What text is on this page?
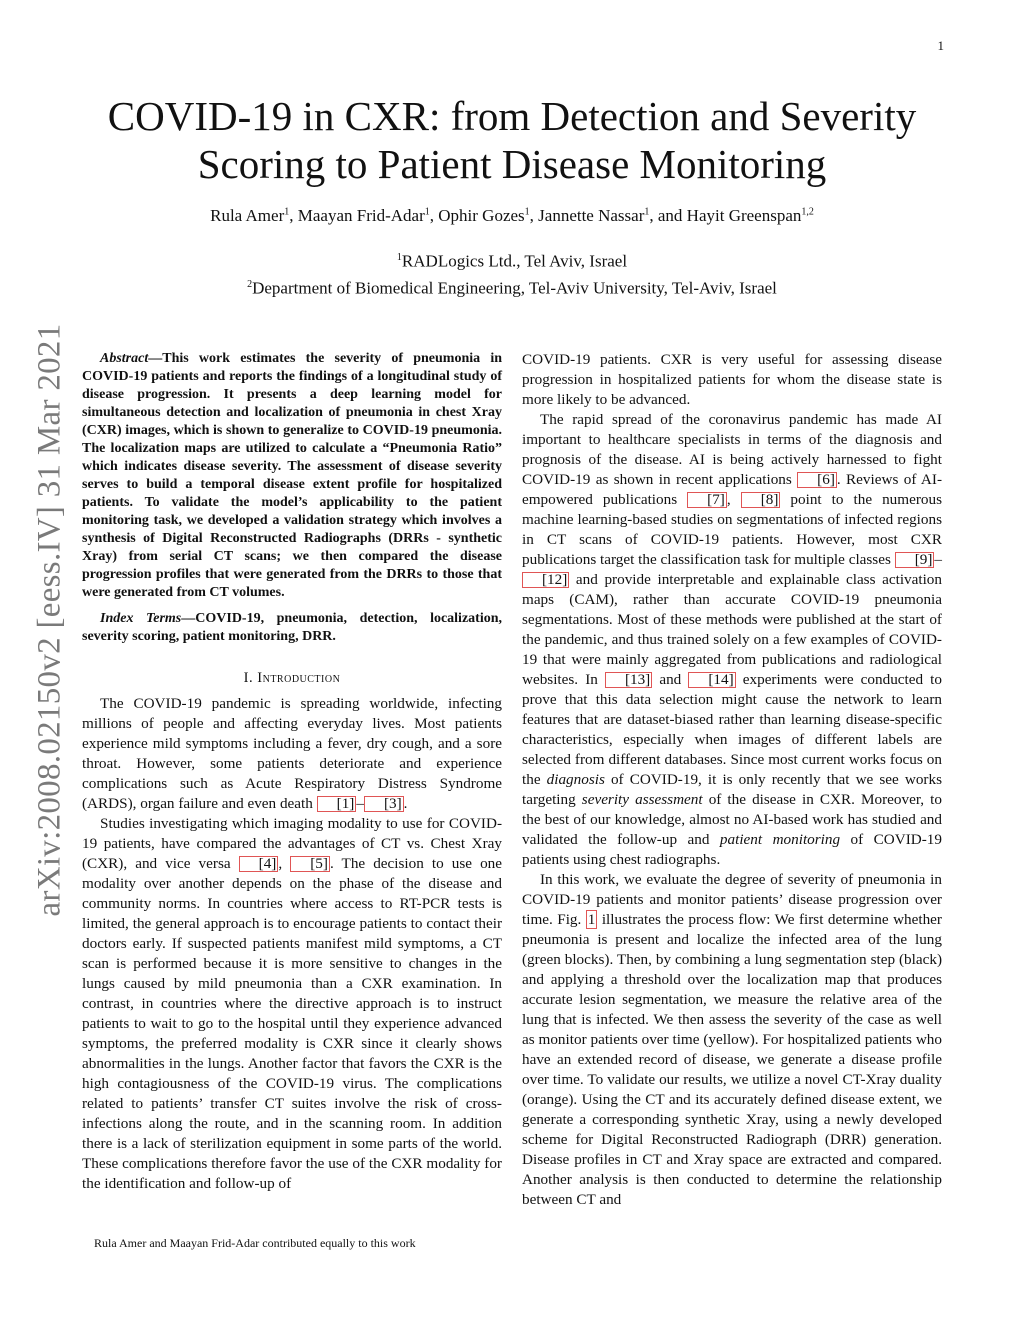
1
arXiv:2008.02150v2 [eess.IV] 31 Mar 2021
COVID-19 in CXR: from Detection and Severity
Scoring to Patient Disease Monitoring
Rula Amer$^1$, Maayan Frid-Adar$^1$, Ophir Gozes$^1$, Jannette Nassar$^1$, and Hayit Greenspan$^{1,2}$
$^1$RADLogics Ltd., Tel Aviv, Israel
$^2$Department of Biomedical Engineering, Tel-Aviv University, Tel-Aviv, Israel

Abstract—This work estimates the severity of pneumonia in COVID-19 patients and reports the findings of a longitudinal study of disease progression. It presents a deep learning model for simultaneous detection and localization of pneumonia in chest Xray (CXR) images, which is shown to generalize to COVID-19 pneumonia. The localization maps are utilized to calculate a “Pneumonia Ratio” which indicates disease severity. The assessment of disease severity serves to build a temporal disease extent profile for hospitalized patients. To validate the model’s applicability to the patient monitoring task, we developed a validation strategy which involves a synthesis of Digital Reconstructed Radiographs (DRRs - synthetic Xray) from serial CT scans; we then compared the disease progression profiles that were generated from the DRRs to those that were generated from CT volumes.

Index Terms—COVID-19, pneumonia, detection, localization, severity scoring, patient monitoring, DRR.

I. Introduction

The COVID-19 pandemic is spreading worldwide, infecting millions of people and affecting everyday lives. Most patients experience mild symptoms including a fever, dry cough, and a sore throat. However, some patients deteriorate and experience complications such as Acute Respiratory Distress Syndrome (ARDS), organ failure and even death [1] – [3] .

Studies investigating which imaging modality to use for COVID-19 patients, have compared the advantages of CT vs. Chest Xray (CXR), and vice versa [4] , [5] . The decision to use one modality over another depends on the phase of the disease and community norms. In countries where access to RT-PCR tests is limited, the general approach is to encourage patients to contact their doctors early. If suspected patients manifest mild symptoms, a CT scan is performed because it is more sensitive to changes in the lungs caused by mild pneumonia than a CXR examination. In contrast, in countries where the directive approach is to instruct patients to wait to go to the hospital until they experience advanced symptoms, the preferred modality is CXR since it clearly shows abnormalities in the lungs. Another factor that favors the CXR is the high contagiousness of the COVID-19 virus. The complications related to patients’ transfer CT suites involve the risk of cross-infections along the route, and in the scanning room. In addition there is a lack of sterilization equipment in some parts of the world. These complications therefore favor the use of the CXR modality for the identification and follow-up of

COVID-19 patients. CXR is very useful for assessing disease progression in hospitalized patients for whom the disease state is more likely to be advanced.

The rapid spread of the coronavirus pandemic has made AI important to healthcare specialists in terms of the diagnosis and prognosis of the disease. AI is being actively harnessed to fight COVID-19 as shown in recent applications [6] . Reviews of AI-empowered publications [7] , [8] point to the numerous machine learning-based studies on segmentations of infected regions in CT scans of COVID-19 patients. However, most CXR publications target the classification task for multiple classes [9] –[12] and provide interpretable and explainable class activation maps (CAM), rather than accurate COVID-19 pneumonia segmentations. Most of these methods were published at the start of the pandemic, and thus trained solely on a few examples of COVID-19 that were mainly aggregated from publications and radiological websites. In [13] and [14] experiments were conducted to prove that this data selection might cause the network to learn features that are dataset-biased rather than learning disease-specific characteristics, especially when images of different labels are selected from different databases. Since most current works focus on the diagnosis of COVID-19, it is only recently that we see works targeting severity assessment of the disease in CXR. Moreover, to the best of our knowledge, almost no AI-based work has studied and validated the follow-up and patient monitoring of COVID-19 patients using chest radiographs.

In this work, we evaluate the degree of severity of pneumonia in COVID-19 patients and monitor patients’ disease progression over time. Fig. 1 illustrates the process flow: We first determine whether pneumonia is present and localize the infected area of the lung (green blocks). Then, by combining a lung segmentation step (black) and applying a threshold over the localization map that produces accurate lesion segmentation, we measure the relative area of the lung that is infected. We then assess the severity of the case as well as monitor patients over time (yellow). For hospitalized patients who have an extended record of disease, we generate a disease profile over time. To validate our results, we utilize a novel CT-Xray duality (orange). Using the CT and its accurately defined disease extent, we generate a corresponding synthetic Xray, using a newly developed scheme for Digital Reconstructed Radiograph (DRR) generation. Disease profiles in CT and Xray space are extracted and compared. Another analysis is then conducted to determine the relationship between CT and

Rula Amer and Maayan Frid-Adar contributed equally to this work
